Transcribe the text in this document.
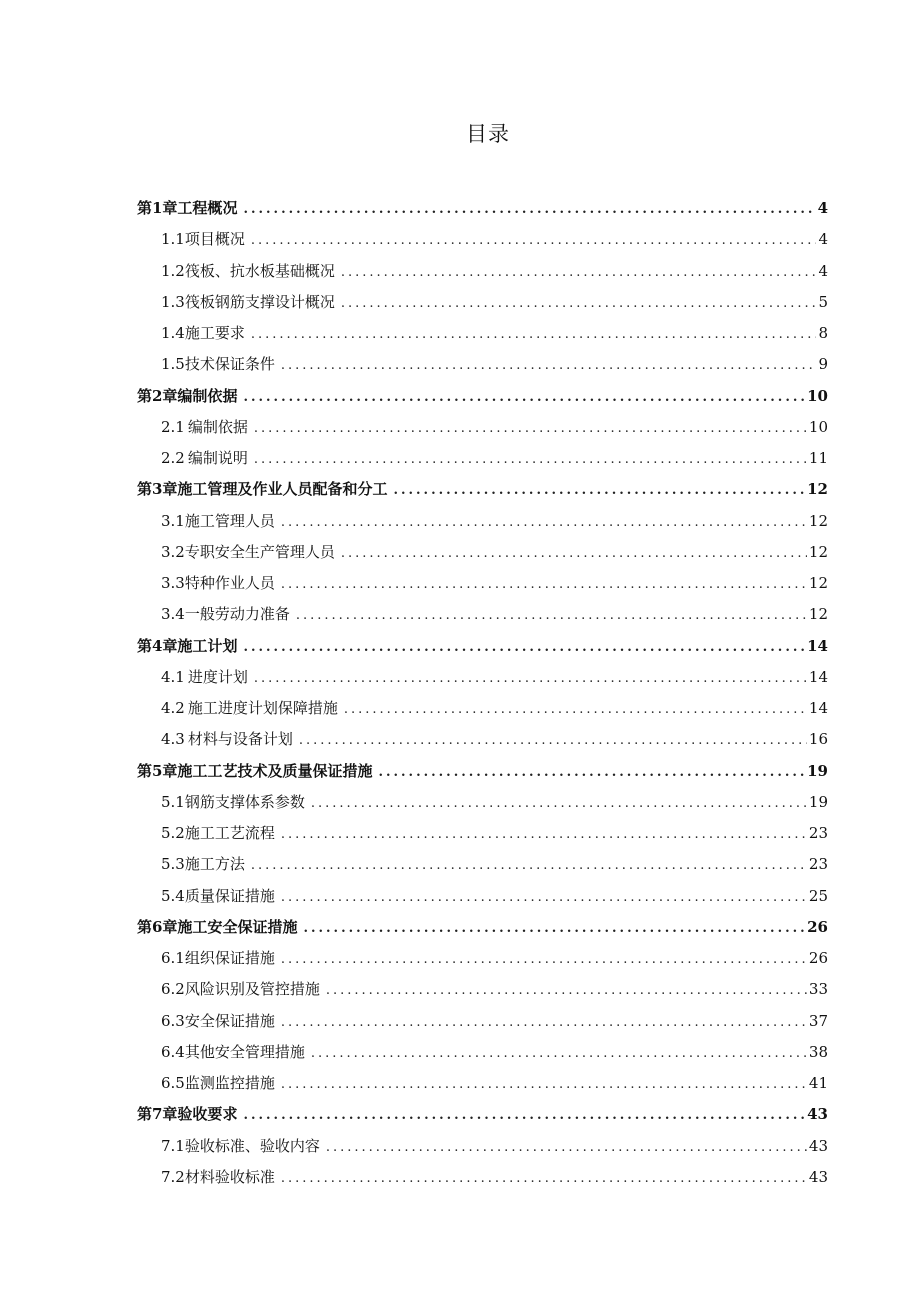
目录
第1章工程概况 .....	4
1.1 项目概况 .....	4
1.2 筏板、抗水板基础概况 .....	4
1.3 筏板钢筋支撑设计概况 .....	5
1.4 施工要求 .....	8
1.5 技术保证条件 .....	9
第2章编制依据 .....	10
2.1 编制依据 .....	10
2.2 编制说明 .....	11
第3章施工管理及作业人员配备和分工 .....	12
3.1 施工管理人员 .....	12
3.2 专职安全生产管理人员 .....	12
3.3 特种作业人员 .....	12
3.4 一般劳动力准备 .....	12
第4章施工计划 .....	14
4.1 进度计划 .....	14
4.2 施工进度计划保障措施 .....	14
4.3 材料与设备计划 .....	16
第5章施工工艺技术及质量保证措施 .....	19
5.1 钢筋支撑体系参数 .....	19
5.2 施工工艺流程 .....	23
5.3 施工方法 .....	23
5.4 质量保证措施 .....	25
第6章施工安全保证措施 .....	26
6.1 组织保证措施 .....	26
6.2 风险识别及管控措施 .....	33
6.3 安全保证措施 .....	37
6.4 其他安全管理措施 .....	38
6.5 监测监控措施 .....	41
第7章验收要求 .....	43
7.1 验收标准、验收内容 .....	43
7.2 材料验收标准 .....	43
